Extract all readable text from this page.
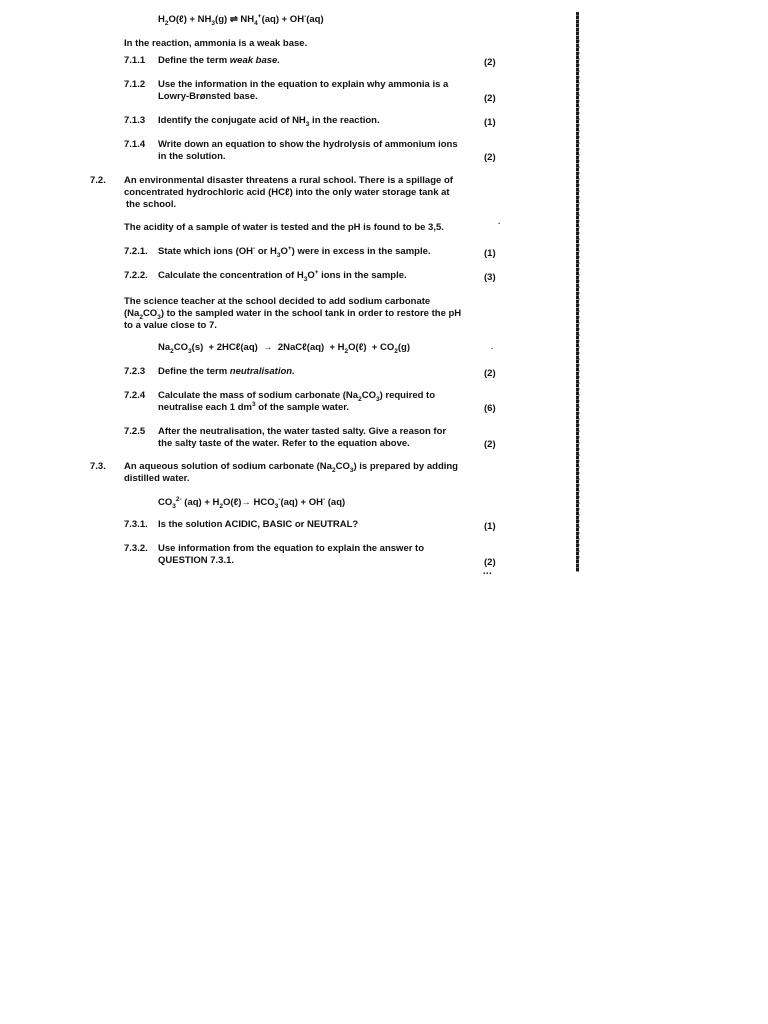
$H_2O(\ell) + NH_3(g)$ ⇌ $NH_4^+(aq) + OH^-(aq)$
In the reaction, ammonia is a weak base.
7.1.1 Define the term weak base.	(2)
7.1.2 Use the information in the equation to explain why ammonia is a
Lowry-Brønsted base.	(2)
7.1.3 Identify the conjugate acid of $NH_3$ in the reaction.	(1)
7.1.4 Write down an equation to show the hydrolysis of ammonium ions
in the solution.	(2)
7.2. An environmental disaster threatens a rural school. There is a spillage of
concentrated hydrochloric acid (HCℓ) into the only water storage tank at
the school.
The acidity of a sample of water is tested and the pH is found to be 3,5.	·
7.2.1. State which ions (OH- or $H_3O^+$) were in excess in the sample.	(1)
7.2.2. Calculate the concentration of $H_3O^+$ ions in the sample.	(3)
The science teacher at the school decided to add sodium carbonate
$(Na_2CO_3)$ to the sampled water in the school tank in order to restore the pH
to a value close to 7.
$Na_2CO_3(s)$  + 2HCℓ(aq)  →  2NaCℓ(aq)  + $H_2O(\ell) + CO_2(g)$	·
7.2.3 Define the term neutralisation.	(2)
7.2.4 Calculate the mass of sodium carbonate $(Na_2CO_3)$ required to
neutralise each 1 $dm^3$ of the sample water.	(6)
7.2.5 After the neutralisation, the water tasted salty. Give a reason for
the salty taste of the water. Refer to the equation above.	(2)
7.3. An aqueous solution of sodium carbonate $(Na_2CO_3)$ is prepared by adding
distilled water.
$CO_3^{2-}$ $(aq) + H_2O(\ell)\to HCO_3^-(aq) + OH^-$ (aq)
7.3.1. Is the solution ACIDIC, BASIC or NEUTRAL?	(1)
7.3.2. Use information from the equation to explain the answer to
QUESTION 7.3.1.	(2)
▪▪▪
